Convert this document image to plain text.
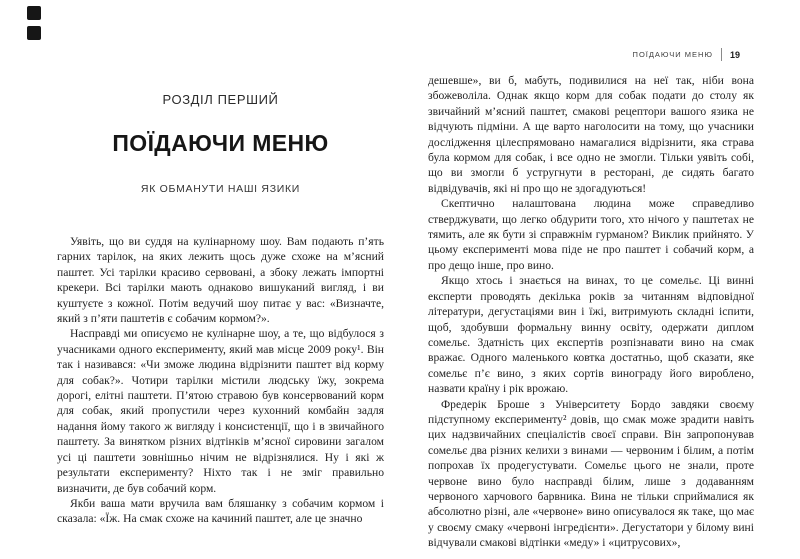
РОЗДІЛ ПЕРШИЙ
ПОЇДАЮЧИ МЕНЮ
ЯК ОБМАНУТИ НАШІ ЯЗИКИ

Уявіть, що ви суддя на кулінарному шоу. Вам подають п’ять гарних тарілок, на яких лежить щось дуже схоже на м’ясний паштет. Усі тарілки красиво сервовані, а збоку лежать імпортні крекери. Всі тарілки мають однаково вишуканий вигляд, і ви куштуєте з кожної. Потім ведучий шоу питає у вас: «Визначте, який з п’яти паштетів є собачим кормом?».

Насправді ми описуємо не кулінарне шоу, а те, що відбулося з учасниками одного експерименту, який мав місце 2009 року¹. Він так і називався: «Чи зможе людина відрізнити паштет від корму для собак?». Чотири тарілки містили людську їжу, зокрема дорогі, елітні паштети. П’ятою стравою був консервований корм для собак, який пропустили через кухонний комбайн задля надання йому такого ж вигляду і консистенції, що і в звичайного паштету. За винятком різних відтінків м’ясної сировини загалом усі ці паштети зовнішньо нічим не відрізнялися. Ну і які ж результати експерименту? Ніхто так і не зміг правильно визначити, де був собачий корм.

Якби ваша мати вручила вам бляшанку з собачим кормом і сказала: «Їж. На смак схоже на качиний паштет, але це значно

ПОЇДАЮЧИ МЕНЮ 19

дешевше», ви б, мабуть, подивилися на неї так, ніби вона збожеволіла. Однак якщо корм для собак подати до столу як звичайний м’ясний паштет, смакові рецептори вашого язика не відчують підміни. А ще варто наголосити на тому, що учасники дослідження цілеспрямовано намагалися відрізнити, яка страва була кормом для собак, і все одно не змогли. Тільки уявіть собі, що ви змогли б устругнути в ресторані, де сидять багато відвідувачів, які ні про що не здогадуються!

Скептично налаштована людина може справедливо стверджувати, що легко обдурити того, хто нічого у паштетах не тямить, але як бути зі справжнім гурманом? Виклик прийнято. У цьому експерименті мова піде не про паштет і собачий корм, а про дещо інше, про вино.

Якщо хтось і знається на винах, то це сомельє. Ці винні експерти проводять декілька років за читанням відповідної літератури, дегустаціями вин і їжі, витримують складні іспити, щоб, здобувши формальну винну освіту, одержати диплом сомельє. Здатність цих експертів розпізнавати вино на смак вражає. Одного маленького ковтка достатньо, щоб сказати, яке сомельє п’є вино, з яких сортів винограду його вироблено, назвати країну і рік врожаю.

Фредерік Броше з Університету Бордо завдяки своєму підступному експерименту² довів, що смак може зрадити навіть цих надзвичайних спеціалістів своєї справи. Він запропонував сомельє два різних келихи з винами — червоним і білим, а потім попрохав їх продегустувати. Сомельє цього не знали, проте червоне вино було насправді білим, лише з додаванням червоного харчового барвника. Вина не тільки сприймалися як абсолютно різні, але «червоне» вино описувалося як таке, що має у своєму смаку «червоні інгредієнти». Дегустатори у білому вині відчували смакові відтінки «меду» і «цитрусових»,
